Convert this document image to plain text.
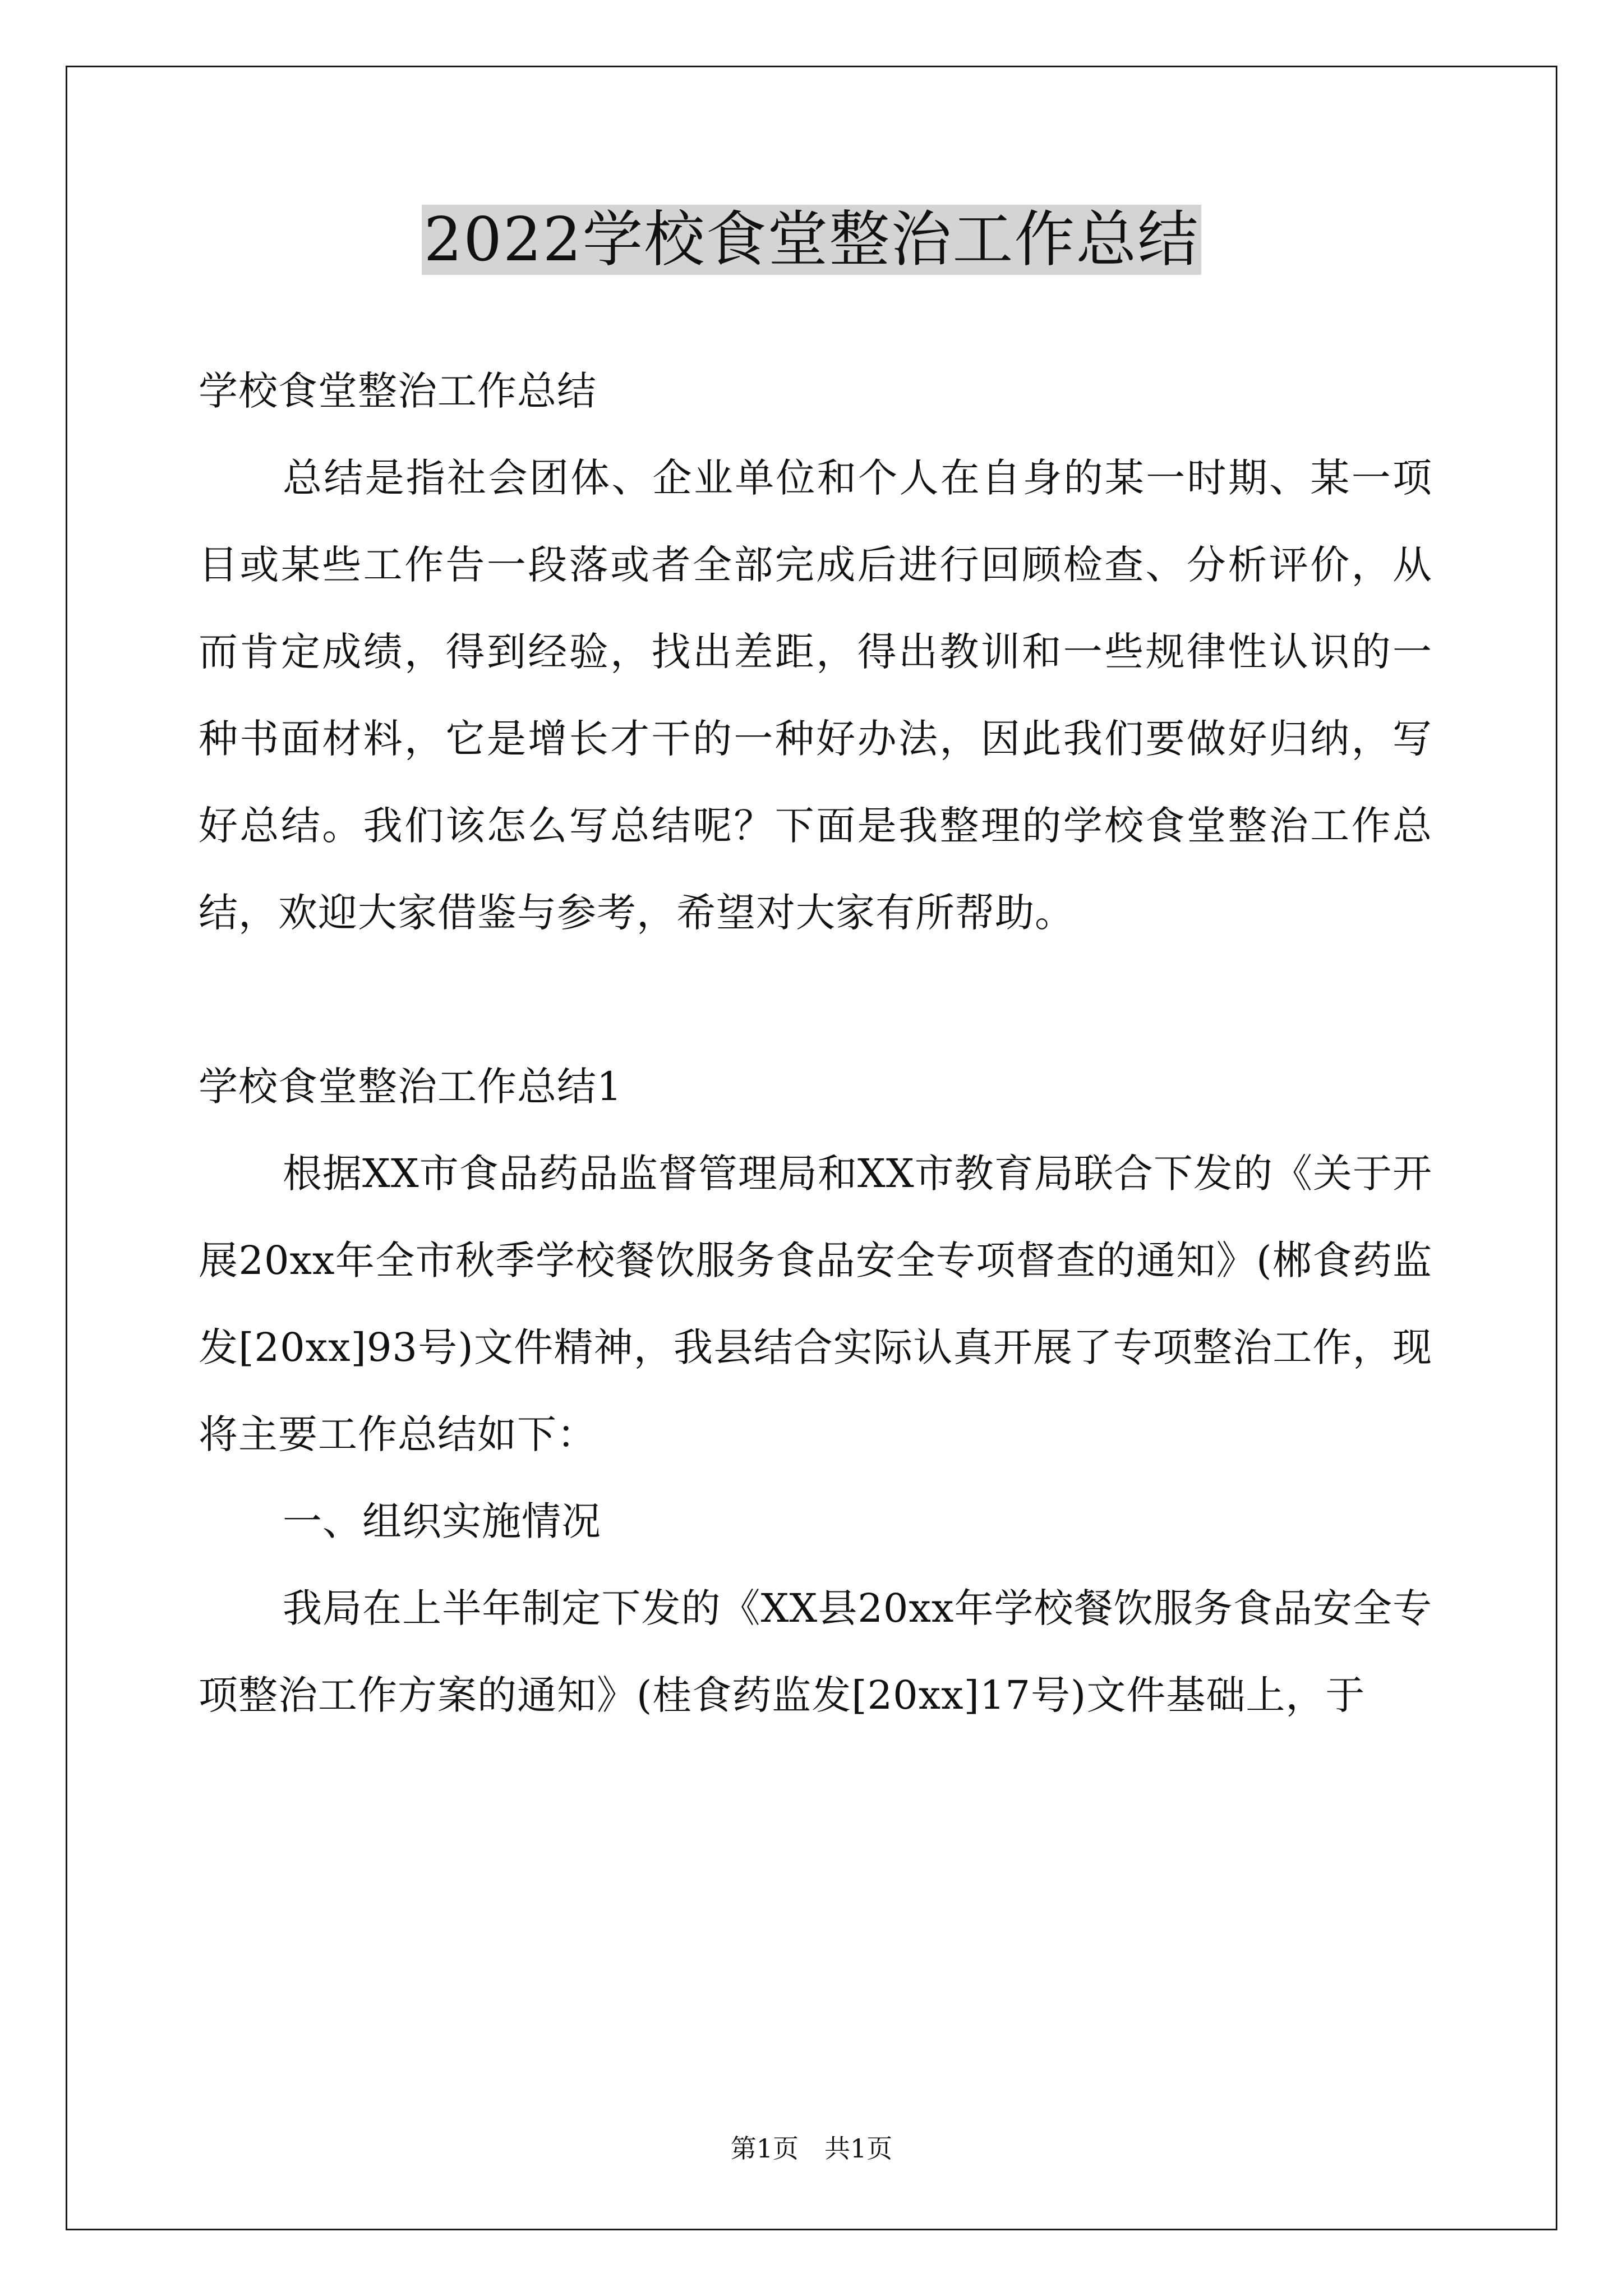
2022学校食堂整治工作总结

学校食堂整治工作总结

总结是指社会团体、企业单位和个人在自身的某一时期、某一项目或某些工作告一段落或者全部完成后进行回顾检查、分析评价，从而肯定成绩，得到经验，找出差距，得出教训和一些规律性认识的一种书面材料，它是增长才干的一种好办法，因此我们要做好归纳，写好总结。我们该怎么写总结呢？下面是我整理的学校食堂整治工作总结，欢迎大家借鉴与参考，希望对大家有所帮助。

学校食堂整治工作总结1

根据XX市食品药品监督管理局和XX市教育局联合下发的《关于开展20xx年全市秋季学校餐饮服务食品安全专项督查的通知》(郴食药监发[20xx]93号)文件精神，我县结合实际认真开展了专项整治工作，现将主要工作总结如下：

一、组织实施情况

我局在上半年制定下发的《XX县20xx年学校餐饮服务食品安全专项整治工作方案的通知》(桂食药监发[20xx]17号)文件基础上，于

第1页　共1页
